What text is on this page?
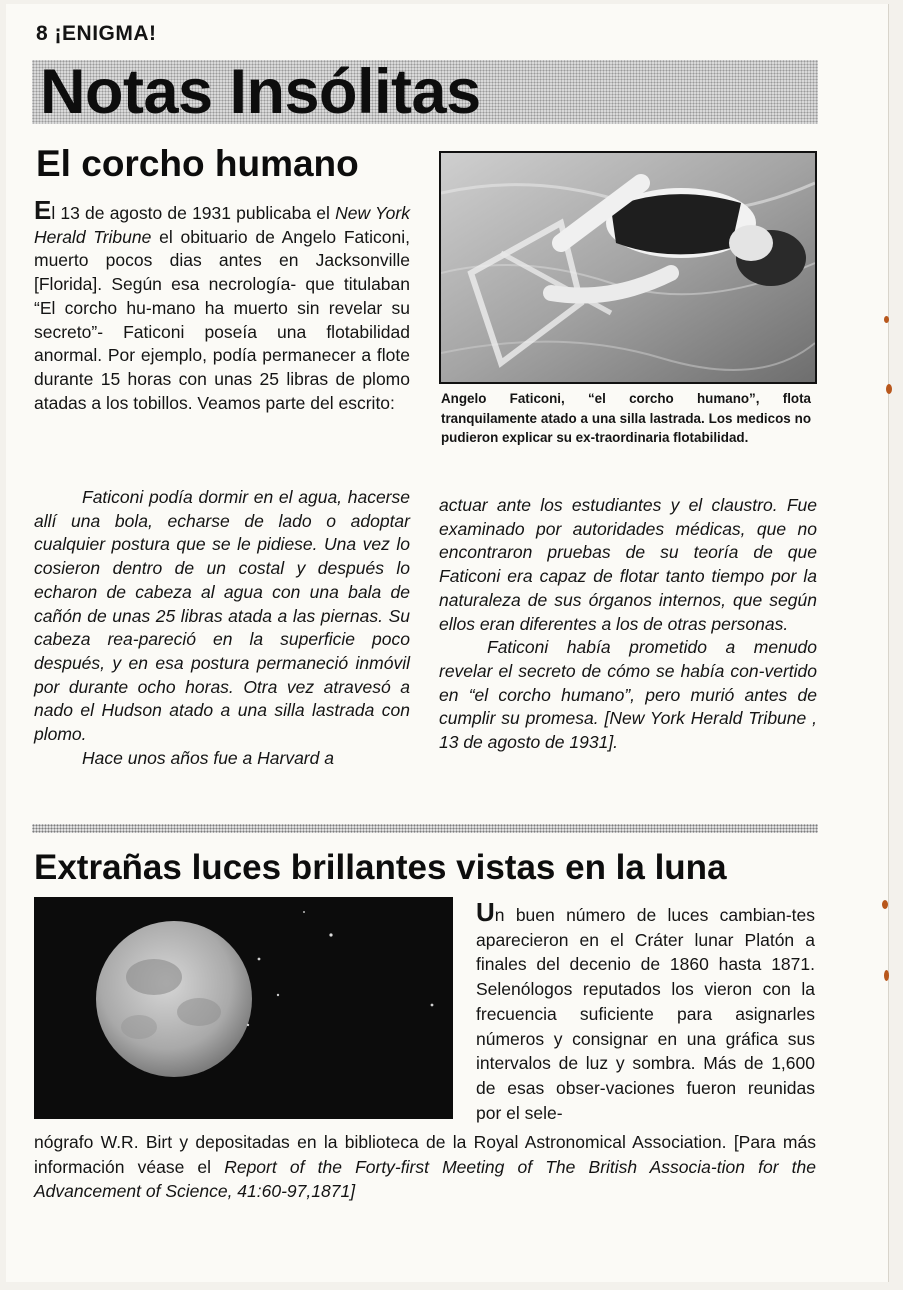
8 ¡ENIGMA!
Notas Insólitas
El corcho humano

El 13 de agosto de 1931 publicaba el New York Herald Tribune el obituario de Angelo Faticoni, muerto pocos dias antes en Jacksonville [Florida]. Según esa necrología- que titulaban “El corcho hu-mano ha muerto sin revelar su secreto”- Faticoni poseía una flotabilidad anormal. Por ejemplo, podía permanecer a flote durante 15 horas con unas 25 libras de plomo atadas a los tobillos. Veamos parte del escrito:

Faticoni podía dormir en el agua, hacerse allí una bola, echarse de lado o adoptar cualquier postura que se le pidiese. Una vez lo cosieron dentro de un costal y después lo echaron de cabeza al agua con una bala de cañón de unas 25 libras atada a las piernas. Su cabeza rea-pareció en la superficie poco después, y en esa postura permaneció inmóvil por durante ocho horas. Otra vez atravesó a nado el Hudson atado a una silla lastrada con plomo.

Hace unos años fue a Harvard a

Angelo Faticoni, “el corcho humano”, flota tranquilamente atado a una silla lastrada. Los medicos no pudieron explicar su ex-traordinaria flotabilidad.

actuar ante los estudiantes y el claustro. Fue examinado por autoridades médicas, que no encontraron pruebas de su teoría de que Faticoni era capaz de flotar tanto tiempo por la naturaleza de sus órganos internos, que según ellos eran diferentes a los de otras personas.

Faticoni había prometido a menudo revelar el secreto de cómo se había con-vertido en “el corcho humano”, pero murió antes de cumplir su promesa. [New York Herald Tribune , 13 de agosto de 1931].

Extrañas luces brillantes vistas en la luna

Un buen número de luces cambian-tes aparecieron en el Cráter lunar Platón a finales del decenio de 1860 hasta 1871. Selenólogos reputados los vieron con la frecuencia suficiente para asignarles números y consignar en una gráfica sus intervalos de luz y sombra. Más de 1,600 de esas obser-vaciones fueron reunidas por el sele-

nógrafo W.R. Birt y depositadas en la biblioteca de la Royal Astronomical Association. [Para más información véase el Report of the Forty-first Meeting of The British Associa-tion for the Advancement of Science, 41:60-97,1871]
